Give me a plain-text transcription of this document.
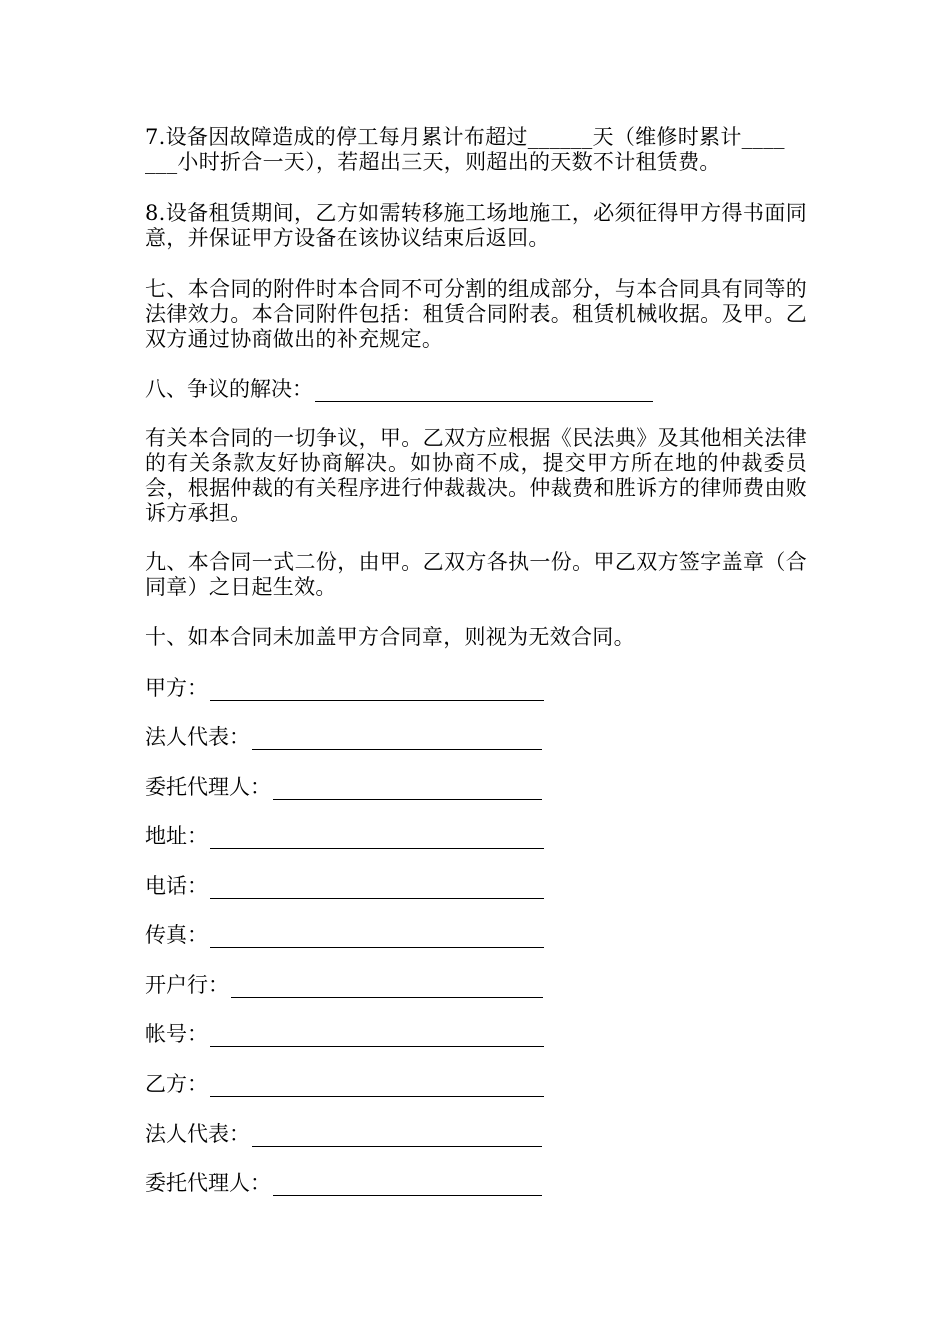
7.设备因故障造成的停工每月累计布超过______天（维修时累计____
___小时折合一天），若超出三天，则超出的天数不计租赁费。
8.设备租赁期间，乙方如需转移施工场地施工，必须征得甲方得书面同意，并保证甲方设备在该协议结束后返回。
七、本合同的附件时本合同不可分割的组成部分，与本合同具有同等的法律效力。本合同附件包括：租赁合同附表。租赁机械收据。及甲。乙双方通过协商做出的补充规定。
八、争议的解决：
有关本合同的一切争议，甲。乙双方应根据《民法典》及其他相关法律的有关条款友好协商解决。如协商不成，提交甲方所在地的仲裁委员会，根据仲裁的有关程序进行仲裁裁决。仲裁费和胜诉方的律师费由败诉方承担。
九、本合同一式二份，由甲。乙双方各执一份。甲乙双方签字盖章（合同章）之日起生效。
十、如本合同未加盖甲方合同章，则视为无效合同。
甲方：
法人代表：
委托代理人：
地址：
电话：
传真：
开户行：
帐号：
乙方：
法人代表：
委托代理人：
